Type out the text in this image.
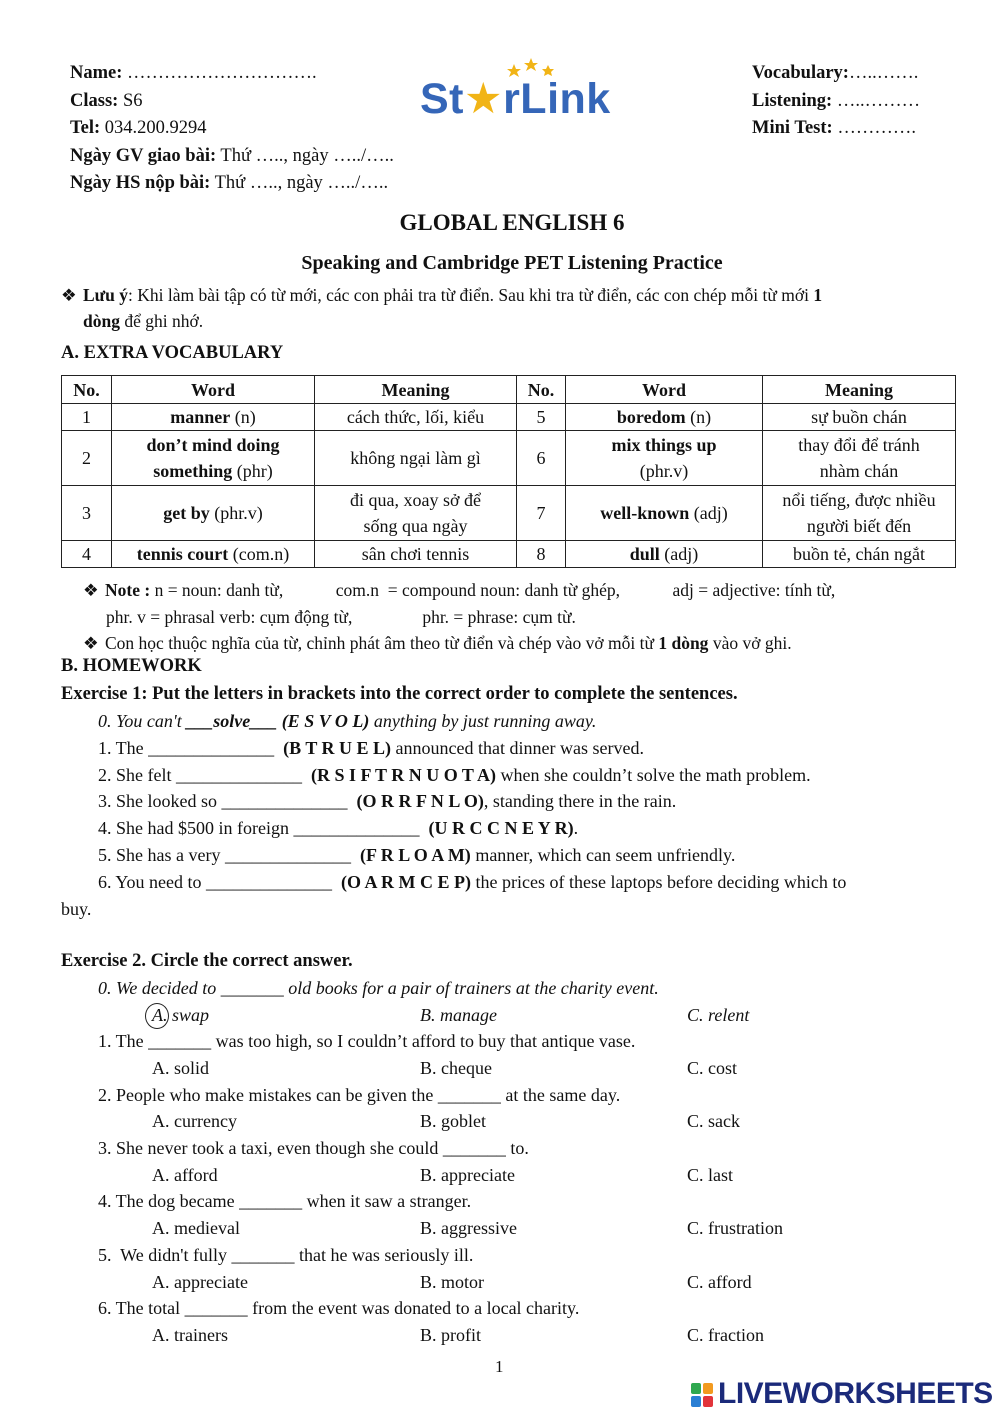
Name: ………………………….
Class: S6
Tel: 034.200.9294
Ngày GV giao bài: Thứ ….., ngày …../…..
Ngày HS nộp bài: Thứ ….., ngày …../…..
St★rLink
Vocabulary:…..…….
Listening: …..………
Mini Test: ………….
GLOBAL ENGLISH 6
Speaking and Cambridge PET Listening Practice
❖ Lưu ý: Khi làm bài tập có từ mới, các con phải tra từ điển. Sau khi tra từ điển, các con chép mỗi từ mới 1
dòng để ghi nhớ.
A. EXTRA VOCABULARY
No.	Word	Meaning	No.	Word	Meaning
1	manner (n)	cách thức, lối, kiểu	5	boredom (n)	sự buồn chán
2	don’t mind doing something (phr)	không ngại làm gì	6	mix things up (phr.v)	thay đổi để tránh nhàm chán
3	get by (phr.v)	đi qua, xoay sở để sống qua ngày	7	well-known (adj)	nổi tiếng, được nhiều người biết đến
4	tennis court (com.n)	sân chơi tennis	8	dull (adj)	buồn tẻ, chán ngắt
❖ Note : n = noun: danh từ,            com.n  = compound noun: danh từ ghép,            adj = adjective: tính từ,
phr. v = phrasal verb: cụm động từ,                phr. = phrase: cụm từ.
❖ Con học thuộc nghĩa của từ, chỉnh phát âm theo từ điển và chép vào vở mỗi từ 1 dòng vào vở ghi.
B. HOMEWORK
Exercise 1: Put the letters in brackets into the correct order to complete the sentences.
0. You can't ___solve___ (E S V O L) anything by just running away.
1. The ______________  (B T R U E L) announced that dinner was served.
2. She felt ______________  (R S I F T R N U O T A) when she couldn’t solve the math problem.
3. She looked so ______________  (O R R F N L O), standing there in the rain.
4. She had $500 in foreign ______________  (U R C C N E Y R).
5. She has a very ______________  (F R L O A M) manner, which can seem unfriendly.
6. You need to ______________  (O A R M C E P) the prices of these laptops before deciding which to
buy.
Exercise 2. Circle the correct answer.
0. We decided to _______ old books for a pair of trainers at the charity event.
A. swap	B. manage	C. relent
1. The _______ was too high, so I couldn’t afford to buy that antique vase.
A. solid	B. cheque	C. cost
2. People who make mistakes can be given the _______ at the same day.
A. currency	B. goblet	C. sack
3. She never took a taxi, even though she could _______ to.
A. afford	B. appreciate	C. last
4. The dog became _______ when it saw a stranger.
A. medieval	B. aggressive	C. frustration
5.  We didn't fully _______ that he was seriously ill.
A. appreciate	B. motor	C. afford
6. The total _______ from the event was donated to a local charity.
A. trainers	B. profit	C. fraction
1
LIVEWORKSHEETS
